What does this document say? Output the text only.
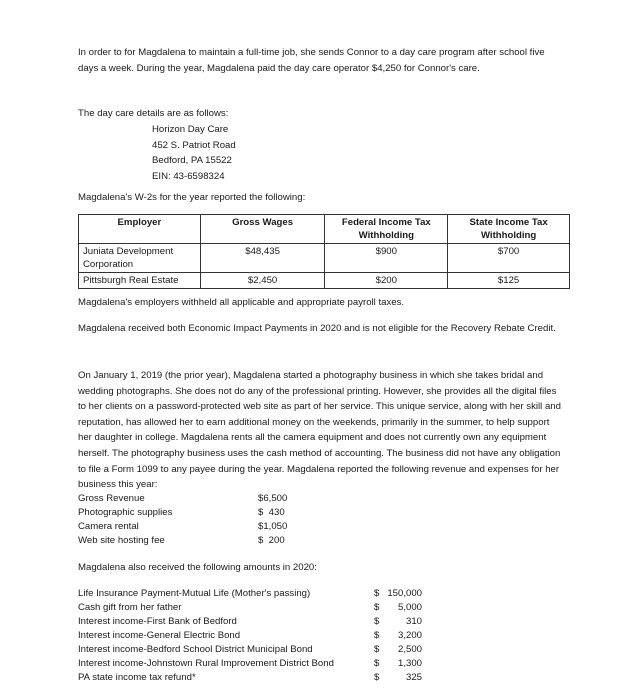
In order to for Magdalena to maintain a full-time job, she sends Connor to a day care program after school five days a week. During the year, Magdalena paid the day care operator $4,250 for Connor's care.

The day care details are as follows:
Horizon Day Care
452 S. Patriot Road
Bedford, PA 15522
EIN: 43-6598324
Magdalena's W-2s for the year reported the following:
Employer	Gross Wages	Federal Income Tax Withholding	State Income Tax Withholding
Juniata Development Corporation	$48,435	$900	$700
Pittsburgh Real Estate	$2,450	$200	$125
Magdalena's employers withheld all applicable and appropriate payroll taxes.
Magdalena received both Economic Impact Payments in 2020 and is not eligible for the Recovery Rebate Credit.
On January 1, 2019 (the prior year), Magdalena started a photography business in which she takes bridal and wedding photographs. She does not do any of the professional printing. However, she provides all the digital files to her clients on a password-protected web site as part of her service. This unique service, along with her skill and reputation, has allowed her to earn additional money on the weekends, primarily in the summer, to help support her daughter in college. Magdalena rents all the camera equipment and does not currently own any equipment herself. The photography business uses the cash method of accounting. The business did not have any obligation to file a Form 1099 to any payee during the year. Magdalena reported the following revenue and expenses for her business this year:
Gross Revenue	$6,500
Photographic supplies	$  430
Camera rental	$1,050
Web site hosting fee	$  200
Magdalena also received the following amounts in 2020:
Life Insurance Payment-Mutual Life (Mother's passing)	$ 150,000
Cash gift from her father	$	5,000
Interest income-First Bank of Bedford	$	310
Interest income-General Electric Bond	$	3,200
Interest income-Bedford School District Municipal Bond	$	2,500
Interest income-Johnstown Rural Improvement District Bond	$	1,300
PA state income tax refund*	$	325
